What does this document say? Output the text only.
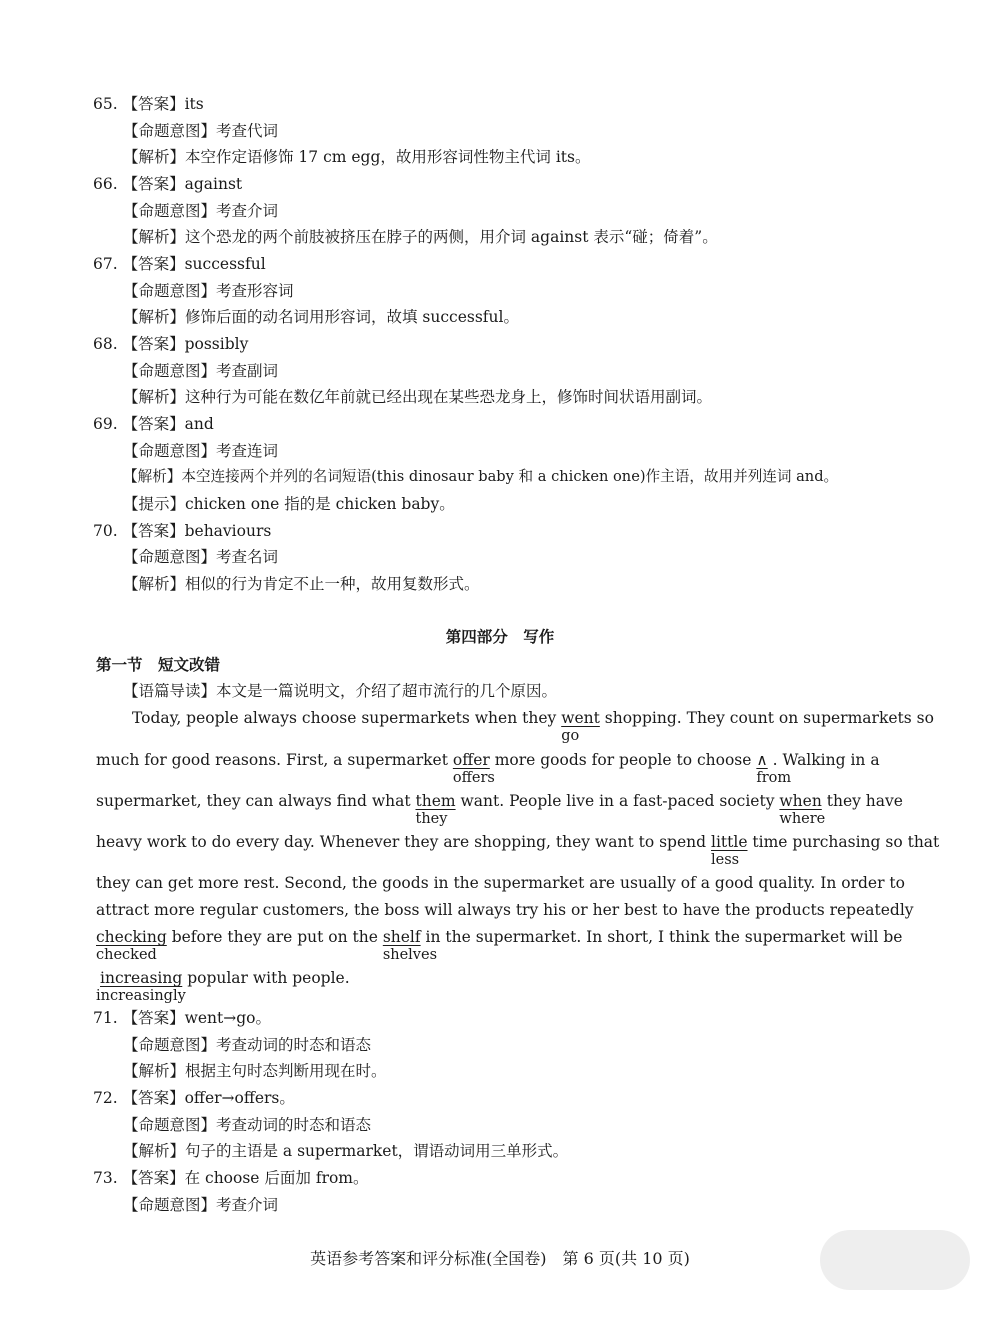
65. 【答案】its
【命题意图】考查代词
【解析】本空作定语修饰 17 cm egg，故用形容词性物主代词 its。
66. 【答案】against
【命题意图】考查介词
【解析】这个恐龙的两个前肢被挤压在脖子的两侧，用介词 against 表示“碰；倚着”。
67. 【答案】successful
【命题意图】考查形容词
【解析】修饰后面的动名词用形容词，故填 successful。
68. 【答案】possibly
【命题意图】考查副词
【解析】这种行为可能在数亿年前就已经出现在某些恐龙身上，修饰时间状语用副词。
69. 【答案】and
【命题意图】考查连词
【解析】本空连接两个并列的名词短语(this dinosaur baby 和 a chicken one)作主语，故用并列连词 and。
【提示】chicken one 指的是 chicken baby。
70. 【答案】behaviours
【命题意图】考查名词
【解析】相似的行为肯定不止一种，故用复数形式。
第四部分　写作
第一节　短文改错
【语篇导读】本文是一篇说明文，介绍了超市流行的几个原因。
Today, people always choose supermarkets when they went
go
shopping. They count on supermarkets so
much for good reasons. First, a supermarket offer
offers
more goods for people to choose ∧
from
. Walking in a
supermarket, they can always find what them
they
want. People live in a fast-paced society when
where
they have
heavy work to do every day. Whenever they are shopping, they want to spend little
less
time purchasing so that
they can get more rest. Second, the goods in the supermarket are usually of a good quality. In order to
attract more regular customers, the boss will always try his or her best to have the products repeatedly
checking
checked
before they are put on the shelf
shelves
in the supermarket. In short, I think the supermarket will be
increasing
increasingly
popular with people.
71. 【答案】went→go。
【命题意图】考查动词的时态和语态
【解析】根据主句时态判断用现在时。
72. 【答案】offer→offers。
【命题意图】考查动词的时态和语态
【解析】句子的主语是 a supermarket，谓语动词用三单形式。
73. 【答案】在 choose 后面加 from。
【命题意图】考查介词
英语参考答案和评分标准(全国卷)　第 6 页(共 10 页)
